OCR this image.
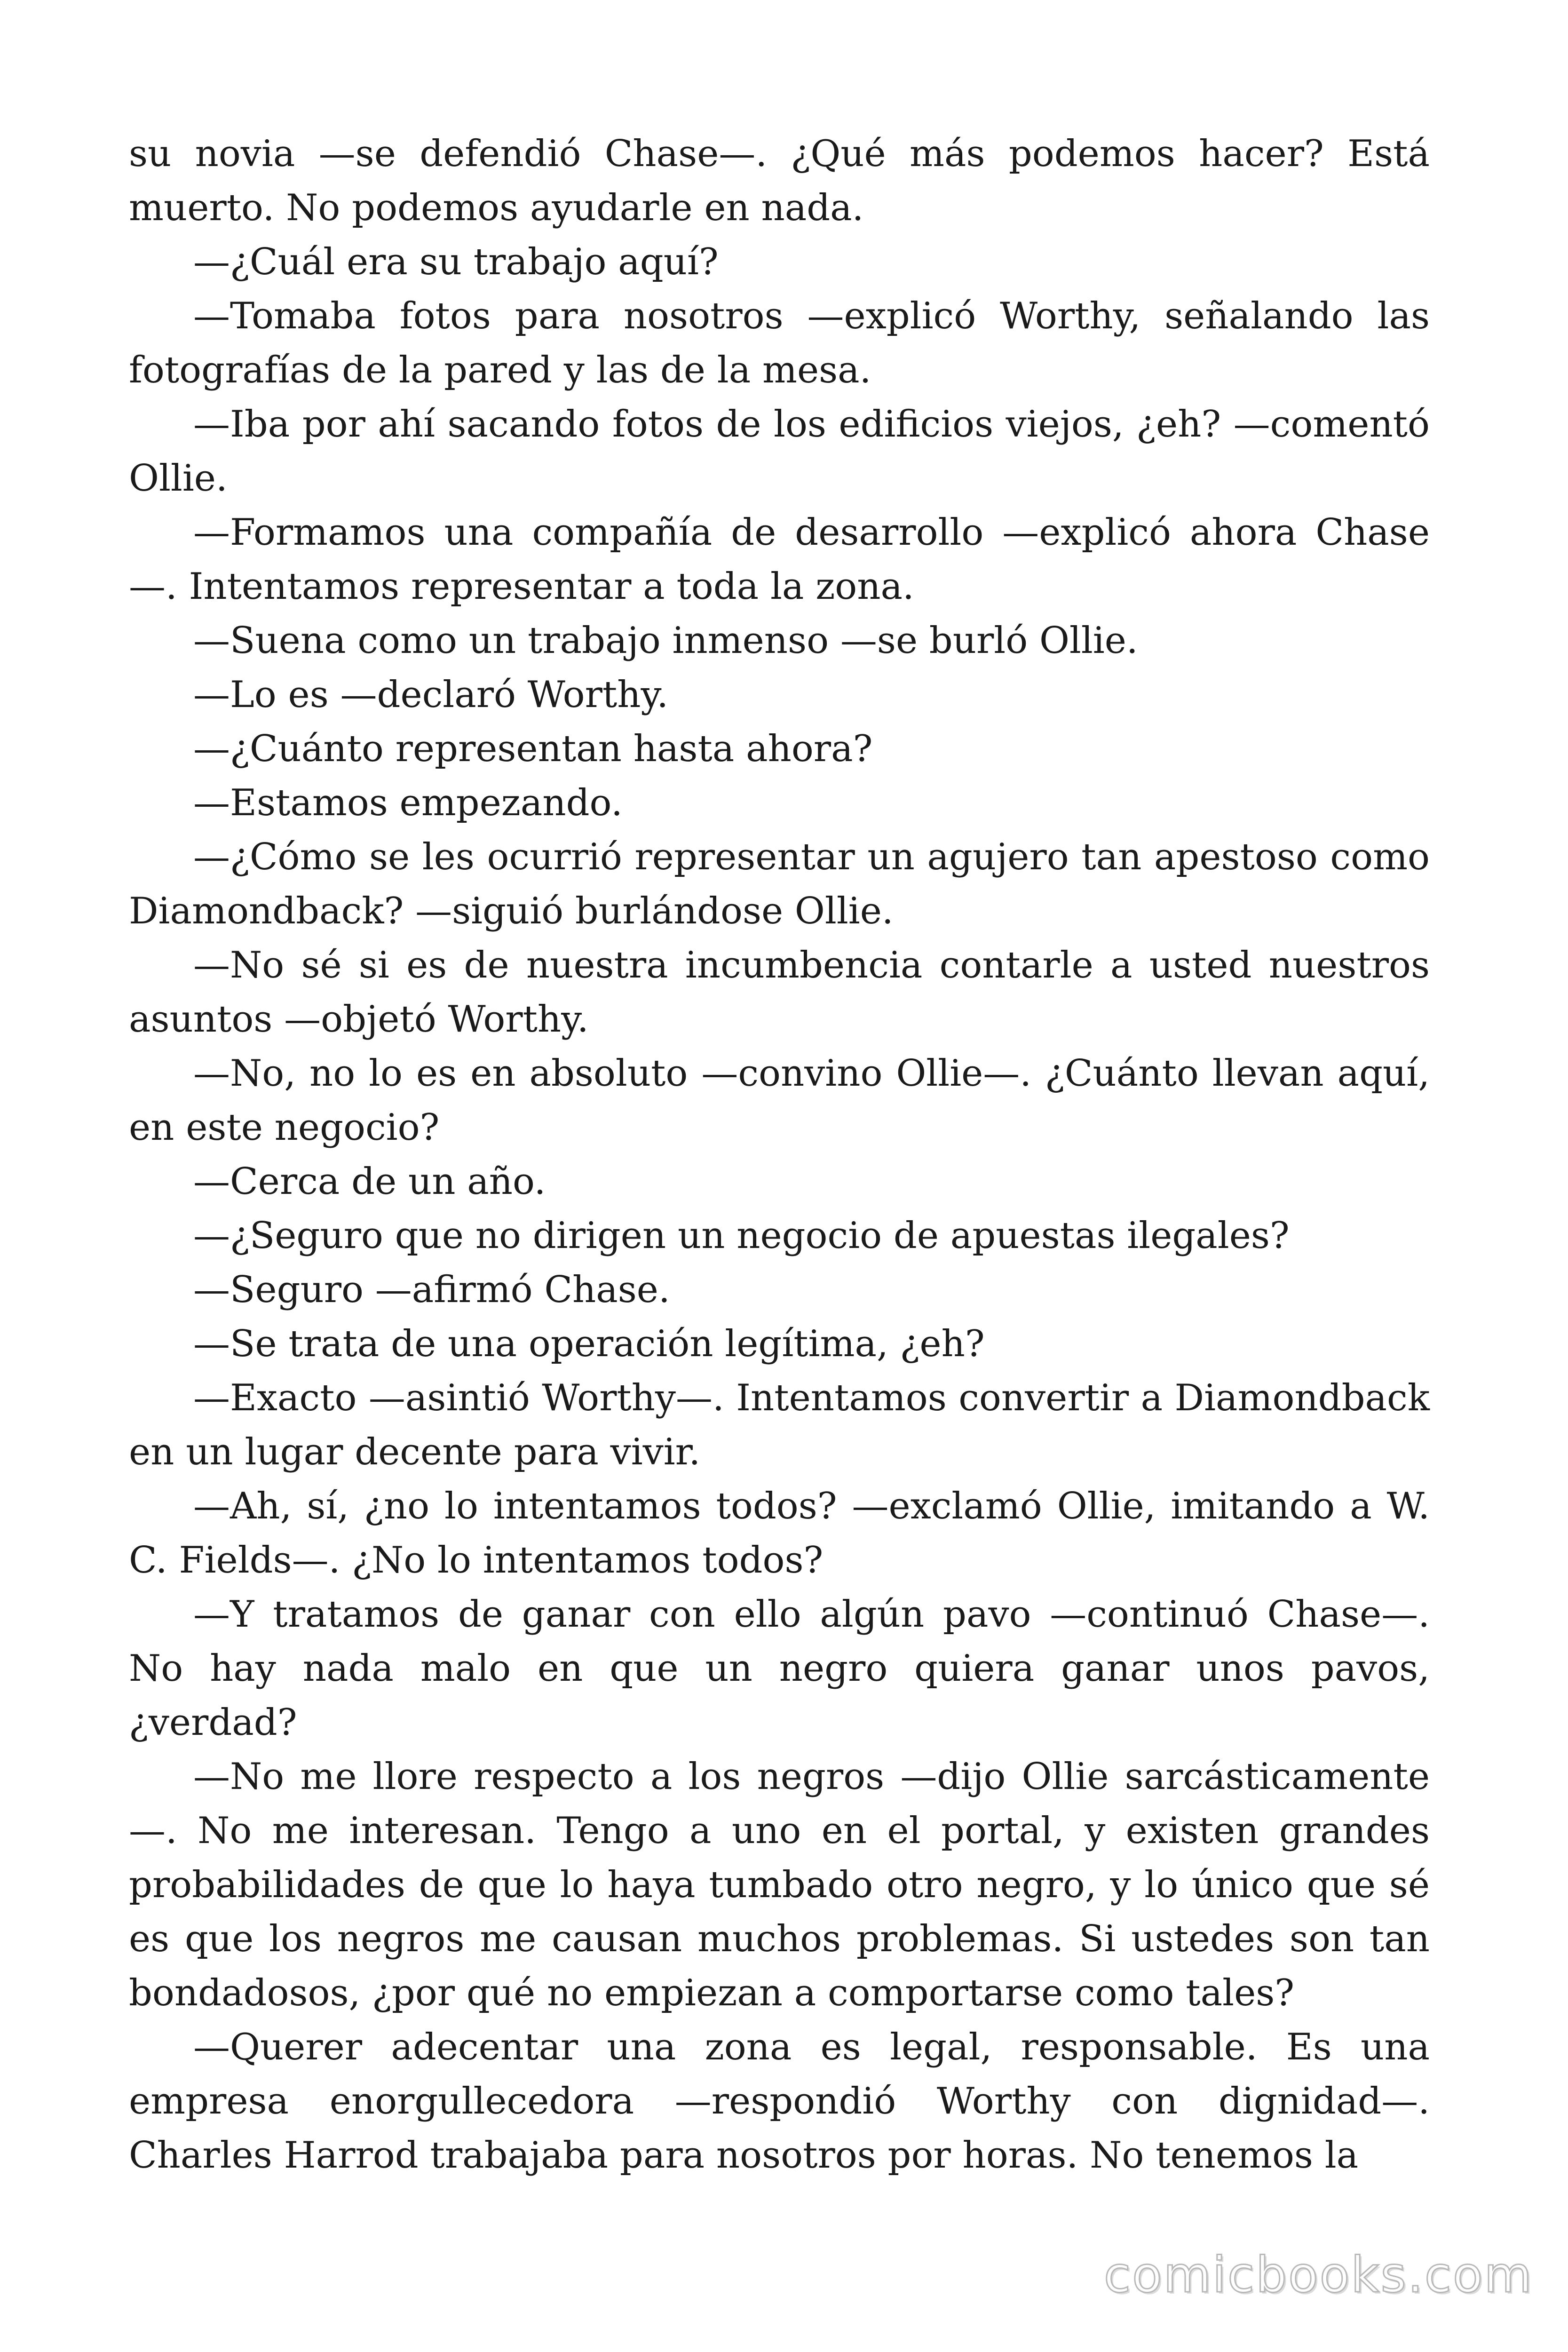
su novia —se defendió Chase—. ¿Qué más podemos hacer? Está muerto. No podemos ayudarle en nada.

—¿Cuál era su trabajo aquí?

—Tomaba fotos para nosotros —explicó Worthy, señalando las fotografías de la pared y las de la mesa.

—Iba por ahí sacando fotos de los edificios viejos, ¿eh? —comentó Ollie.

—Formamos una compañía de desarrollo —explicó ahora Chase —. Intentamos representar a toda la zona.

—Suena como un trabajo inmenso —se burló Ollie.

—Lo es —declaró Worthy.

—¿Cuánto representan hasta ahora?

—Estamos empezando.

—¿Cómo se les ocurrió representar un agujero tan apestoso como Diamondback? —siguió burlándose Ollie.

—No sé si es de nuestra incumbencia contarle a usted nuestros asuntos —objetó Worthy.

—No, no lo es en absoluto —convino Ollie—. ¿Cuánto llevan aquí, en este negocio?

—Cerca de un año.

—¿Seguro que no dirigen un negocio de apuestas ilegales?

—Seguro —afirmó Chase.

—Se trata de una operación legítima, ¿eh?

—Exacto —asintió Worthy—. Intentamos convertir a Diamondback en un lugar decente para vivir.

—Ah, sí, ¿no lo intentamos todos? —exclamó Ollie, imitando a W. C. Fields—. ¿No lo intentamos todos?

—Y tratamos de ganar con ello algún pavo —continuó Chase—. No hay nada malo en que un negro quiera ganar unos pavos, ¿verdad?

—No me llore respecto a los negros —dijo Ollie sarcásticamente —. No me interesan. Tengo a uno en el portal, y existen grandes probabilidades de que lo haya tumbado otro negro, y lo único que sé es que los negros me causan muchos problemas. Si ustedes son tan bondadosos, ¿por qué no empiezan a comportarse como tales?

—Querer adecentar una zona es legal, responsable. Es una empresa enorgullecedora —respondió Worthy con dignidad—. Charles Harrod trabajaba para nosotros por horas. No tenemos la

comicbooks.com
